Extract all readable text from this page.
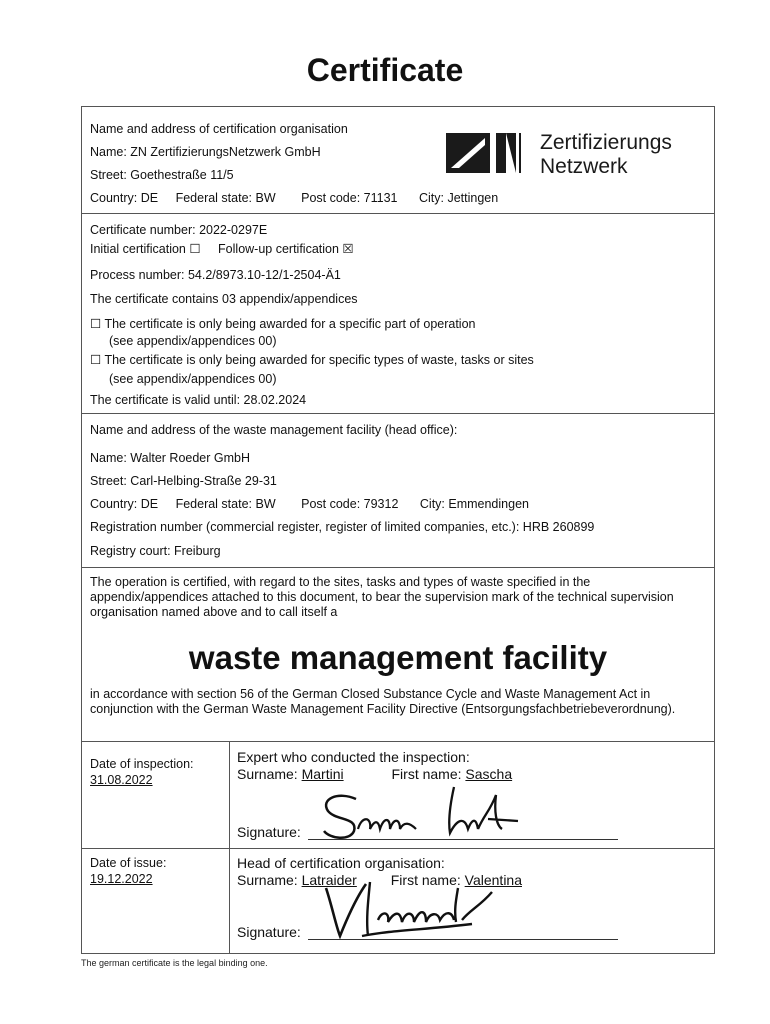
Certificate
Name and address of certification organisation
Name: ZN ZertifizierungsNetzwerk GmbH
Street: Goethestraße 11/5
Country: DE Federal state: BW Post code: 71131 City: Jettingen
Zertifizierungs
Netzwerk
Certificate number: 2022-0297E
Initial certification ☐ Follow-up certification ☒
Process number: 54.2/8973.10-12/1-2504-Ä1
The certificate contains 03 appendix/appendices
☐ The certificate is only being awarded for a specific part of operation
(see appendix/appendices 00)
☐ The certificate is only being awarded for specific types of waste, tasks or sites
(see appendix/appendices 00)
The certificate is valid until: 28.02.2024
Name and address of the waste management facility (head office):
Name: Walter Roeder GmbH
Street: Carl-Helbing-Straße 29-31
Country: DE Federal state: BW Post code: 79312 City: Emmendingen
Registration number (commercial register, register of limited companies, etc.): HRB 260899
Registry court: Freiburg
The operation is certified, with regard to the sites, tasks and types of waste specified in the appendix/appendices attached to this document, to bear the supervision mark of the technical supervision organisation named above and to call itself a
waste management facility
in accordance with section 56 of the German Closed Substance Cycle and Waste Management Act in conjunction with the German Waste Management Facility Directive (Entsorgungsfachbetriebeverordnung).
Date of inspection:
31.08.2022
Expert who conducted the inspection:
Surname: Martini	First name: Sascha
Signature:
Date of issue:
19.12.2022
Head of certification organisation:
Surname: Latraider First name: Valentina
Signature:
The german certificate is the legal binding one.
